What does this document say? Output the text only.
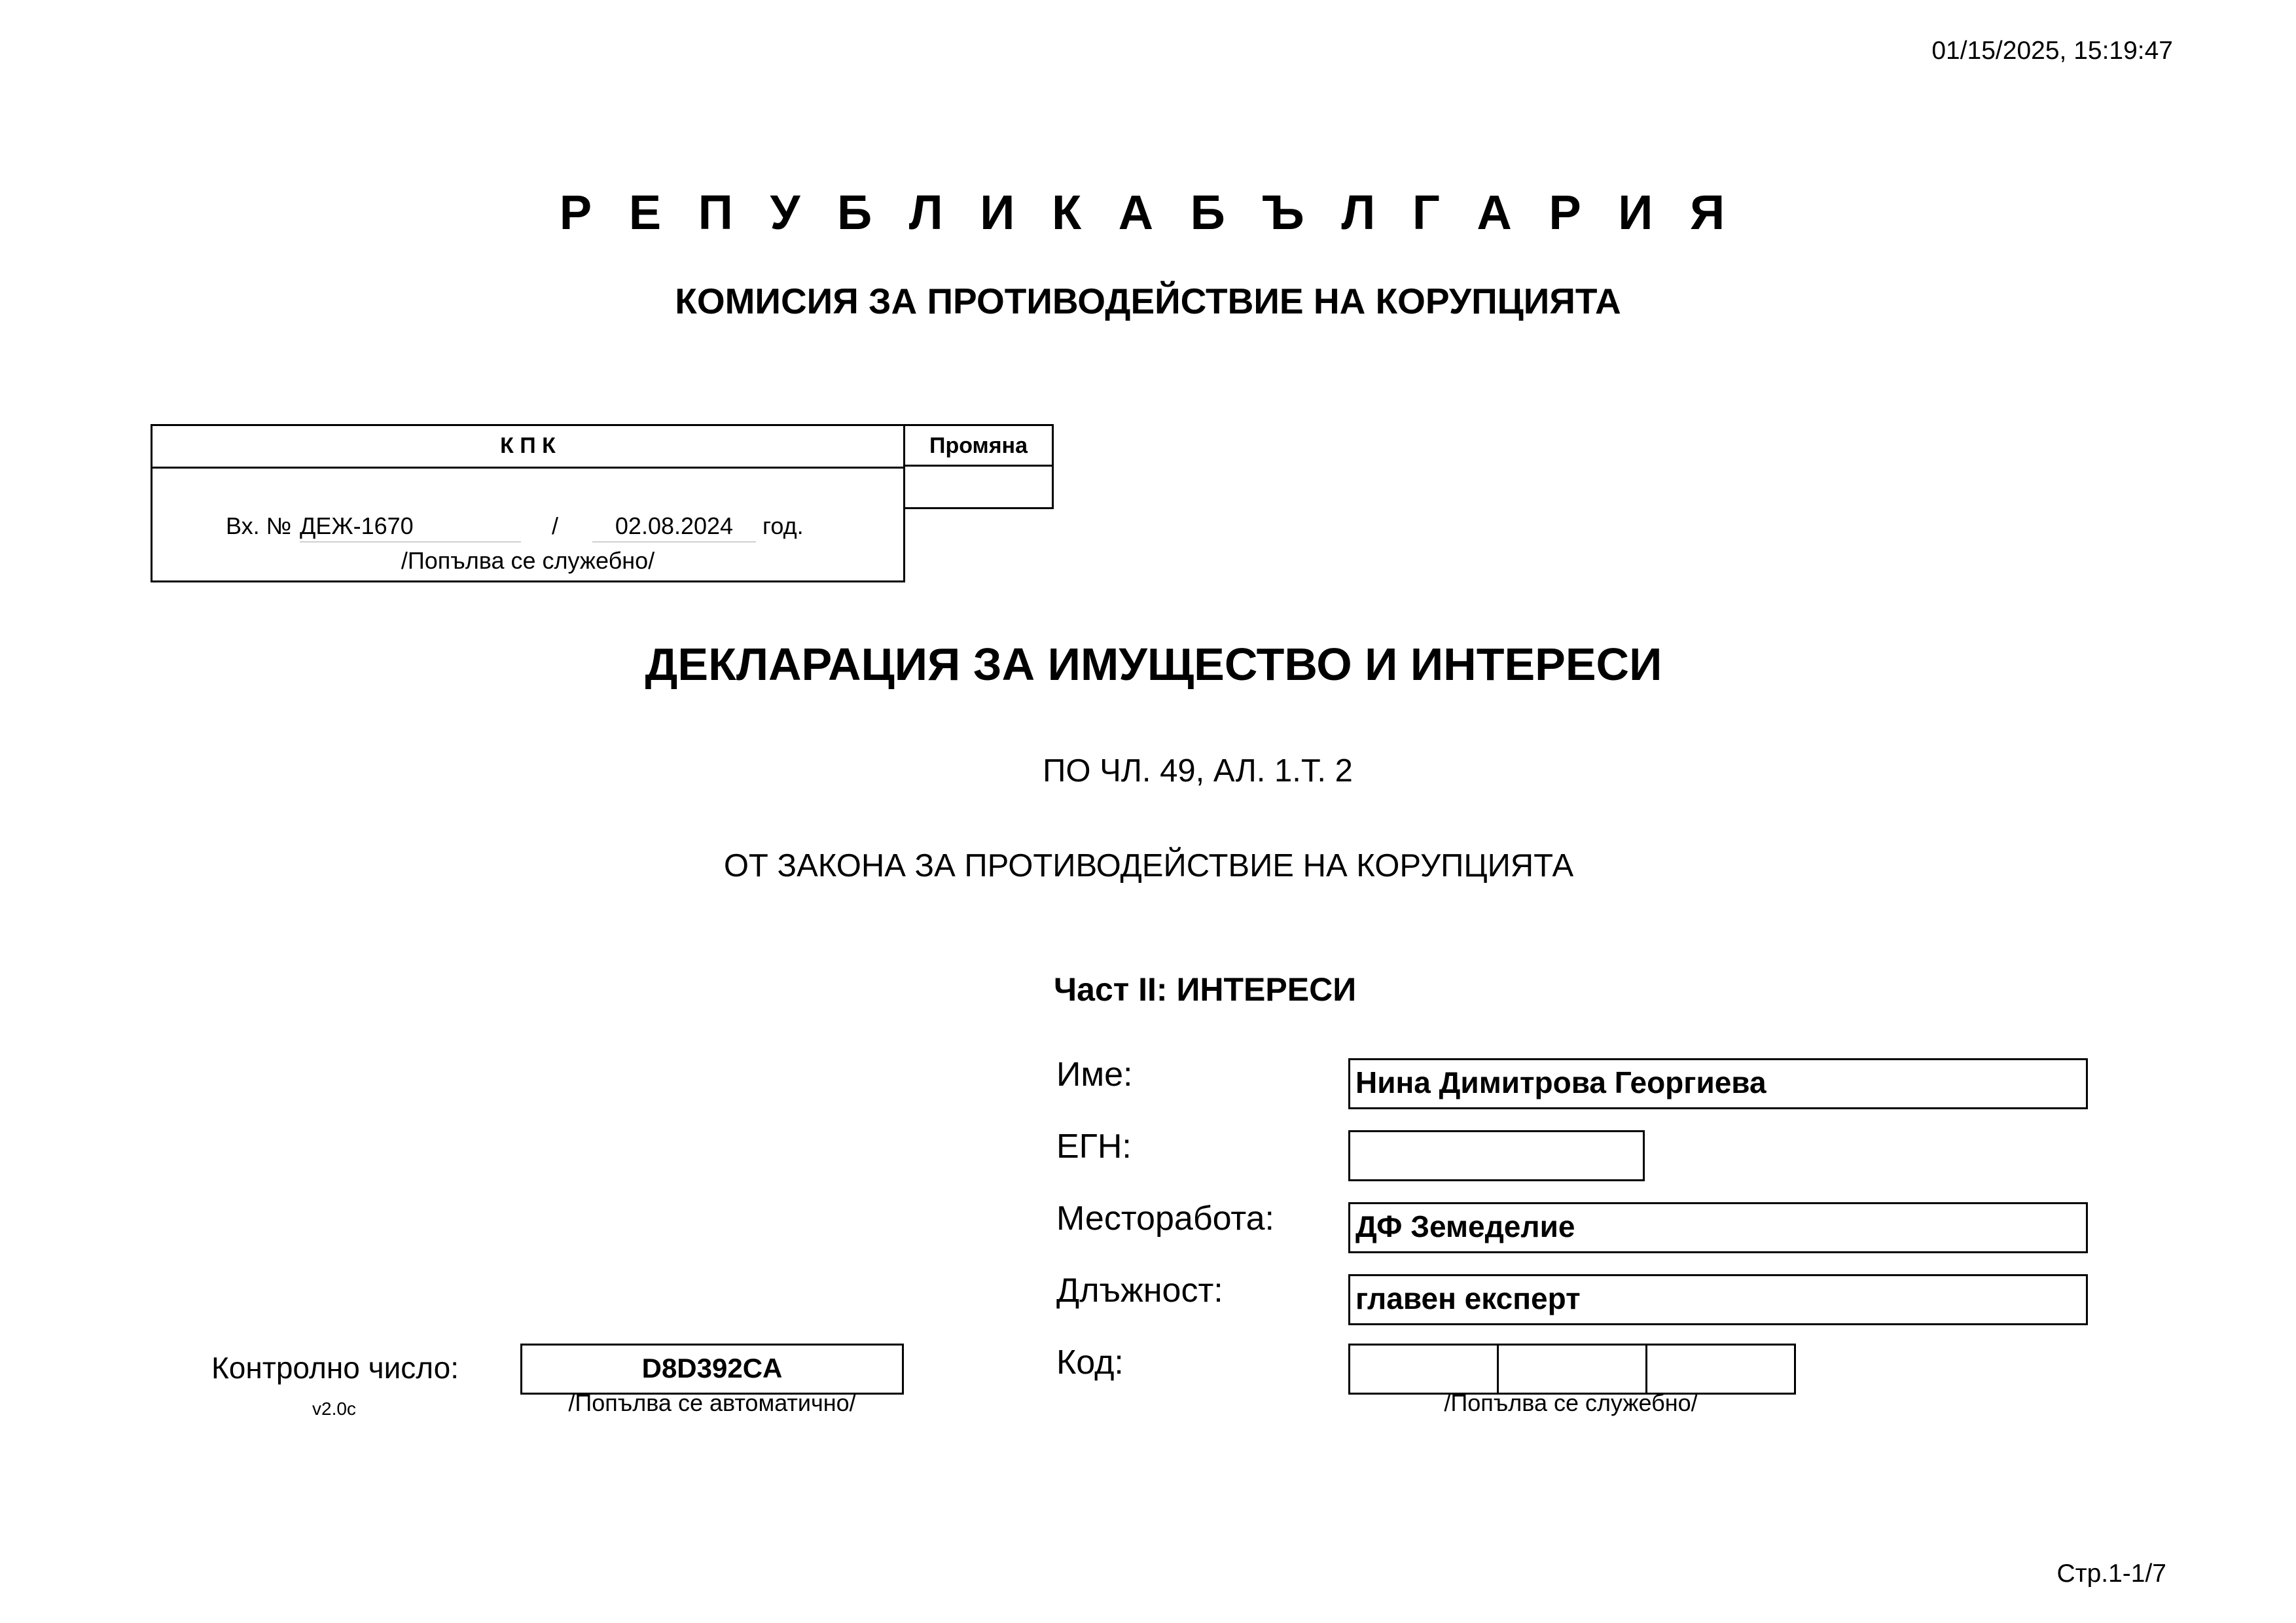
01/15/2025, 15:19:47
Р Е П У Б Л И К А Б Ъ Л Г А Р И Я
КОМИСИЯ ЗА ПРОТИВОДЕЙСТВИЕ НА КОРУПЦИЯТА
К П К
Вх. № ДЕЖ-1670	/	02.08.2024	год.
/Попълва се служебно/
Промяна
ДЕКЛАРАЦИЯ ЗА ИМУЩЕСТВО И ИНТЕРЕСИ
ПО ЧЛ. 49, АЛ. 1.Т. 2
ОТ ЗАКОНА ЗА ПРОТИВОДЕЙСТВИЕ НА КОРУПЦИЯТА
Част II: ИНТЕРЕСИ
Име:	Нина Димитрова Георгиева
ЕГН:
Месторабота:	ДФ Земеделие
Длъжност:	главен експерт
Код:
/Попълва се служебно/
Контролно число:
v2.0c
D8D392CA
/Попълва се автоматично/
Стр.1-1/7
